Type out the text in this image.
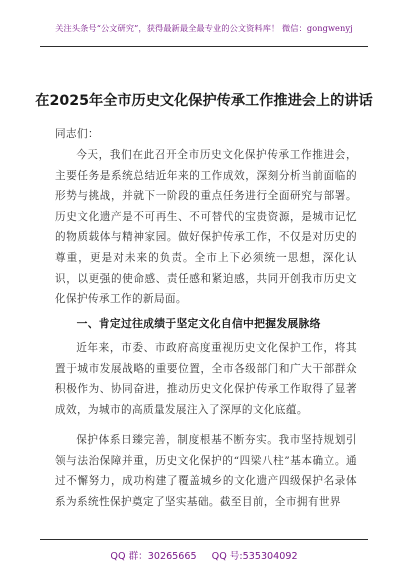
关注头条号“公文研究”，获得最新最全最专业的公文资料库！ 微信：gongwenyj
在2025年全市历史文化保护传承工作推进会上的讲话
同志们：

今天，我们在此召开全市历史文化保护传承工作推进会，主要任务是系统总结近年来的工作成效，深刻分析当前面临的形势与挑战，并就下一阶段的重点任务进行全面研究与部署。历史文化遗产是不可再生、不可替代的宝贵资源，是城市记忆的物质载体与精神家园。做好保护传承工作，不仅是对历史的尊重，更是对未来的负责。全市上下必须统一思想，深化认识，以更强的使命感、责任感和紧迫感，共同开创我市历史文化保护传承工作的新局面。

一、肯定过往成绩于坚定文化自信中把握发展脉络

近年来，市委、市政府高度重视历史文化保护工作，将其置于城市发展战略的重要位置，全市各级部门和广大干部群众积极作为、协同奋进，推动历史文化保护传承工作取得了显著成效，为城市的高质量发展注入了深厚的文化底蕴。

保护体系日臻完善，制度根基不断夯实。我市坚持规划引领与法治保障并重，历史文化保护的“四梁八柱”基本确立。通过不懈努力，成功构建了覆盖城乡的文化遗产四级保护名录体系为系统性保护奠定了坚实基础。截至目前，全市拥有世界

QQ 群：30265665 QQ 号:535304092
